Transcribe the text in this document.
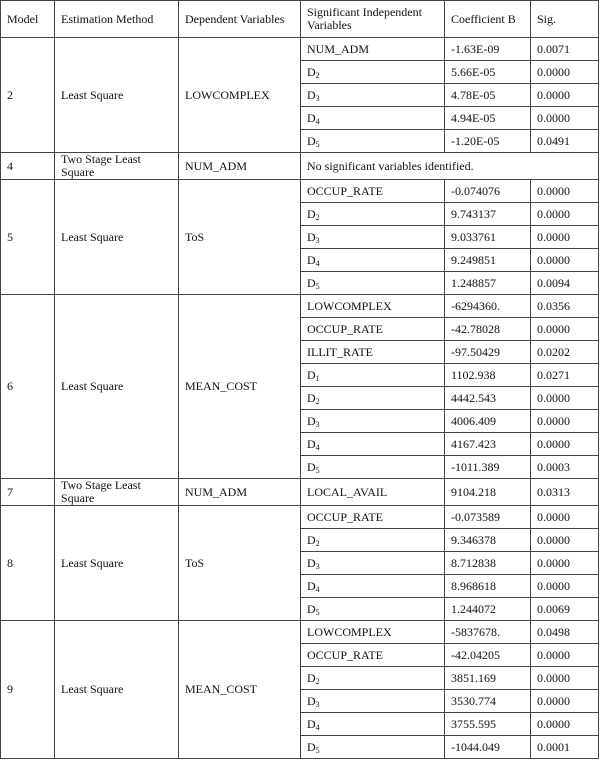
Model	Estimation Method	Dependent Variables	Significant Independent Variables	Coefficient B	Sig.
2	Least Square	LOWCOMPLEX	NUM_ADM	-1.63E-09	0.0071
			$D_2$	5.66E-05	0.0000
			$D_3$	4.78E-05	0.0000
			$D_4$	4.94E-05	0.0000
			$D_5$	-1.20E-05	0.0491
4	Two Stage Least Square	NUM_ADM	No significant variables identified.		
5	Least Square	ToS	OCCUP_RATE	-0.074076	0.0000
			$D_2$	9.743137	0.0000
			$D_3$	9.033761	0.0000
			$D_4$	9.249851	0.0000
			$D_5$	1.248857	0.0094
6	Least Square	MEAN_COST	LOWCOMPLEX	-6294360.	0.0356
			OCCUP_RATE	-42.78028	0.0000
			ILLIT_RATE	-97.50429	0.0202
			$D_1$	1102.938	0.0271
			$D_2$	4442.543	0.0000
			$D_3$	4006.409	0.0000
			$D_4$	4167.423	0.0000
			$D_5$	-1011.389	0.0003
7	Two Stage Least Square	NUM_ADM	LOCAL_AVAIL	9104.218	0.0313
8	Least Square	ToS	OCCUP_RATE	-0.073589	0.0000
			$D_2$	9.346378	0.0000
			$D_3$	8.712838	0.0000
			$D_4$	8.968618	0.0000
			$D_5$	1.244072	0.0069
9	Least Square	MEAN_COST	LOWCOMPLEX	-5837678.	0.0498
			OCCUP_RATE	-42.04205	0.0000
			$D_2$	3851.169	0.0000
			$D_3$	3530.774	0.0000
			$D_4$	3755.595	0.0000
			$D_5$	-1044.049	0.0001
